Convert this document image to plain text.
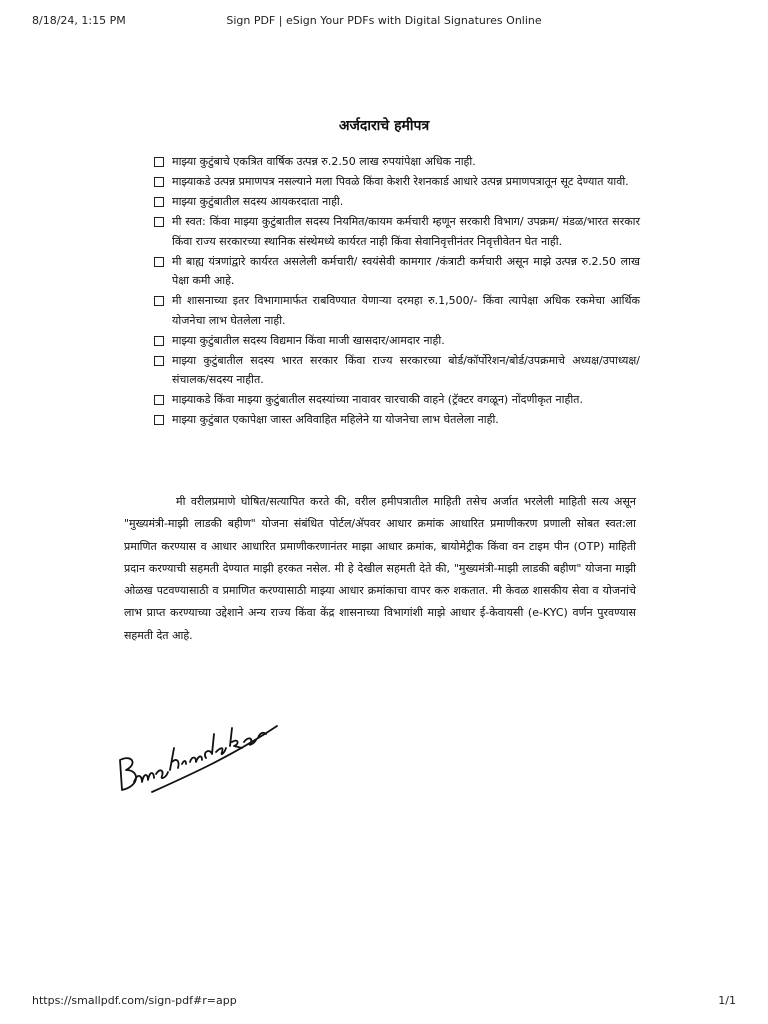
8/18/24, 1:15 PM	Sign PDF | eSign Your PDFs with Digital Signatures Online
अर्जदाराचे हमीपत्र
माझ्या कुटुंबाचे एकत्रित वार्षिक उत्पन्न रु.2.50 लाख रुपयांपेक्षा अधिक नाही.
माझ्याकडे उत्पन्न प्रमाणपत्र नसल्याने मला पिवळे किंवा केशरी रेशनकार्ड आधारे उत्पन्न प्रमाणपत्रातून सूट देण्यात यावी.
माझ्या कुटुंबातील सदस्य आयकरदाता नाही.
मी स्वत: किंवा माझ्या कुटुंबातील सदस्य नियमित/कायम कर्मचारी म्हणून सरकारी विभाग/ उपक्रम/ मंडळ/भारत सरकार किंवा राज्य सरकारच्या स्थानिक संस्थेमध्ये कार्यरत नाही किंवा सेवानिवृत्तीनंतर निवृत्तीवेतन घेत नाही.
मी बाह्य यंत्रणांद्वारे कार्यरत असलेली कर्मचारी/ स्वयंसेवी कामगार /कंत्राटी कर्मचारी असून माझे उत्पन्न रु.2.50 लाख पेक्षा कमी आहे.
मी शासनाच्या इतर विभागामार्फत राबविण्यात येणाऱ्या दरमहा रु.1,500/- किंवा त्यापेक्षा अधिक रकमेचा आर्थिक योजनेचा लाभ घेतलेला नाही.
माझ्या कुटुंबातील सदस्य विद्यमान किंवा माजी खासदार/आमदार नाही.
माझ्या कुटुंबातील सदस्य भारत सरकार किंवा राज्य सरकारच्या बोर्ड/कॉर्पोरेशन/बोर्ड/उपक्रमाचे अध्यक्ष/उपाध्यक्ष/ संचालक/सदस्य नाहीत.
माझ्याकडे किंवा माझ्या कुटुंबातील सदस्यांच्या नावावर चारचाकी वाहने (ट्रॅक्टर वगळून) नोंदणीकृत नाहीत.
माझ्या कुटुंबात एकापेक्षा जास्त अविवाहित महिलेने या योजनेचा लाभ घेतलेला नाही.

मी वरीलप्रमाणे घोषित/सत्यापित करते की, वरील हमीपत्रातील माहिती तसेच अर्जात भरलेली माहिती सत्य असून "मुख्यमंत्री-माझी लाडकी बहीण" योजना संबंधित पोर्टल/ॲपवर आधार क्रमांक आधारित प्रमाणीकरण प्रणाली सोबत स्वत:ला प्रमाणित करण्यास व आधार आधारित प्रमाणीकरणानंतर माझा आधार क्रमांक, बायोमेट्रीक किंवा वन टाइम पीन (OTP) माहिती प्रदान करण्याची सहमती देण्यात माझी हरकत नसेल. मी हे देखील सहमती देते की, "मुख्यमंत्री-माझी लाडकी बहीण" योजना माझी ओळख पटवण्यासाठी व प्रमाणित करण्यासाठी माझ्या आधार क्रमांकाचा वापर करु शकतात. मी केवळ शासकीय सेवा व योजनांचे लाभ प्राप्त करण्याच्या उद्देशाने अन्य राज्य किंवा केंद्र शासनाच्या विभागांशी माझे आधार ई-केवायसी (e-KYC) वर्णन पुरवण्यास सहमती देत आहे.

https://smallpdf.com/sign-pdf#r=app	1/1
